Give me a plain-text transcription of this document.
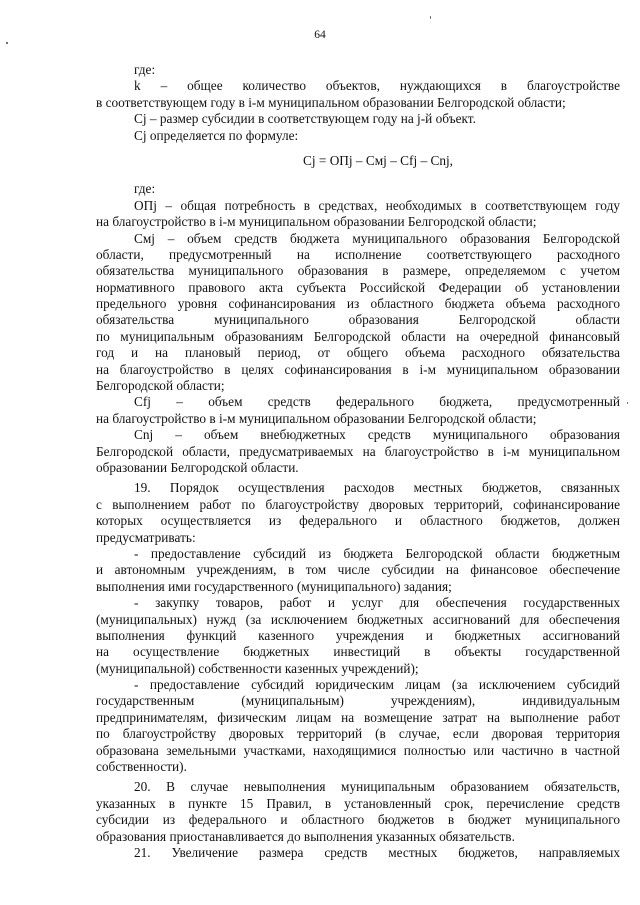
64
где:
k – общее количество объектов, нуждающихся в благоустройстве
в соответствующем году в i-м муниципальном образовании Белгородской области;
Cj – размер субсидии в соответствующем году на j-й объект.
Cj определяется по формуле:
Cj = ОПj – Cмj – Cfj – Cnj,
где:
ОПj – общая потребность в средствах, необходимых в соответствующем году
на благоустройство в i-м муниципальном образовании Белгородской области;
Cмj – объем средств бюджета муниципального образования Белгородской
области, предусмотренный на исполнение соответствующего расходного
обязательства муниципального образования в размере, определяемом с учетом
нормативного правового акта субъекта Российской Федерации об установлении
предельного уровня софинансирования из областного бюджета объема расходного
обязательства муниципального образования Белгородской области
по муниципальным образованиям Белгородской области на очередной финансовый
год и на плановый период, от общего объема расходного обязательства
на благоустройство в целях софинансирования в i-м муниципальном образовании
Белгородской области;
Cfj – объем средств федерального бюджета, предусмотренный
на благоустройство в i-м муниципальном образовании Белгородской области;
Cnj – объем внебюджетных средств муниципального образования
Белгородской области, предусматриваемых на благоустройство в i-м муниципальном
образовании Белгородской области.
19. Порядок осуществления расходов местных бюджетов, связанных
с выполнением работ по благоустройству дворовых территорий, софинансирование
которых осуществляется из федерального и областного бюджетов, должен
предусматривать:
- предоставление субсидий из бюджета Белгородской области бюджетным
и автономным учреждениям, в том числе субсидии на финансовое обеспечение
выполнения ими государственного (муниципального) задания;
- закупку товаров, работ и услуг для обеспечения государственных
(муниципальных) нужд (за исключением бюджетных ассигнований для обеспечения
выполнения функций казенного учреждения и бюджетных ассигнований
на осуществление бюджетных инвестиций в объекты государственной
(муниципальной) собственности казенных учреждений);
- предоставление субсидий юридическим лицам (за исключением субсидий
государственным (муниципальным) учреждениям), индивидуальным
предпринимателям, физическим лицам на возмещение затрат на выполнение работ
по благоустройству дворовых территорий (в случае, если дворовая территория
образована земельными участками, находящимися полностью или частично в частной
собственности).
20. В случае невыполнения муниципальным образованием обязательств,
указанных в пункте 15 Правил, в установленный срок, перечисление средств
субсидии из федерального и областного бюджетов в бюджет муниципального
образования приостанавливается до выполнения указанных обязательств.
21. Увеличение размера средств местных бюджетов, направляемых
